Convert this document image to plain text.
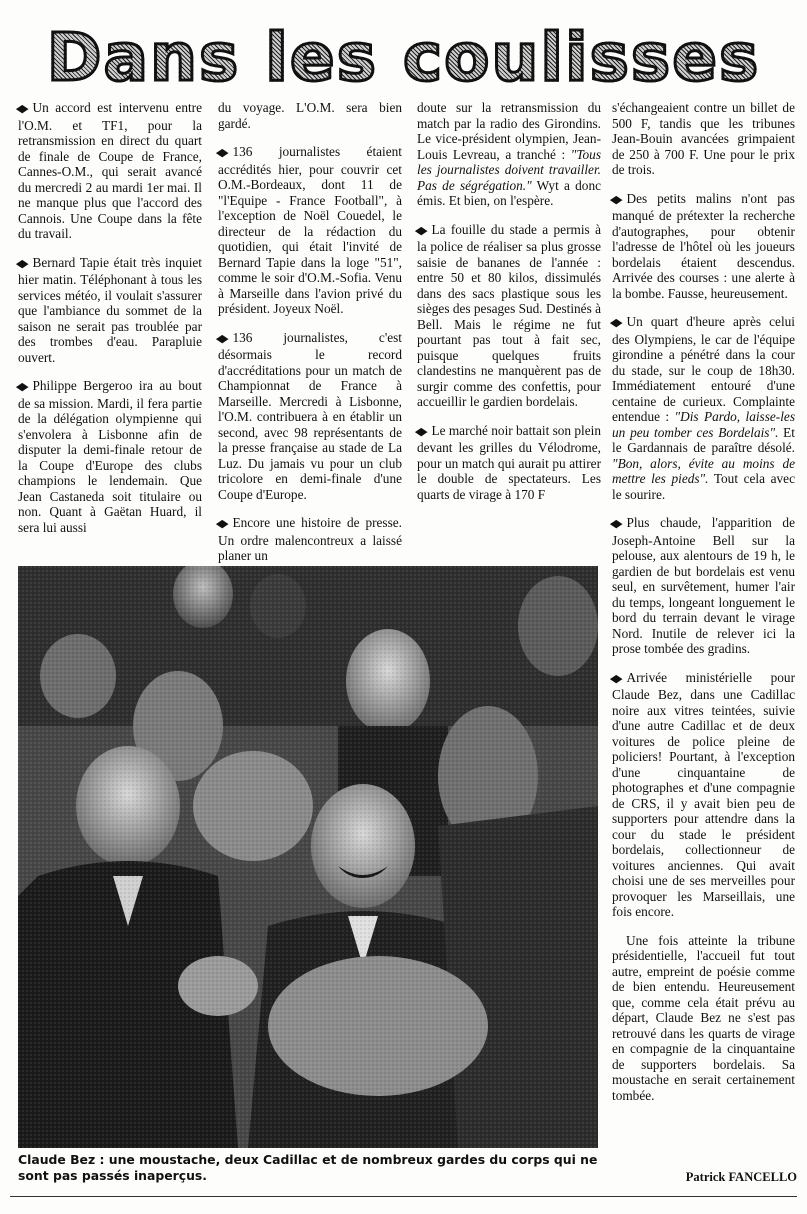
Dans les coulisses

◆ Un accord est intervenu entre l'O.M. et TF1, pour la retransmission en direct du quart de finale de Coupe de France, Cannes-O.M., qui serait avancé du mercredi 2 au mardi 1er mai. Il ne manque plus que l'accord des Cannois. Une Coupe dans la fête du travail.

◆ Bernard Tapie était très inquiet hier matin. Téléphonant à tous les services météo, il voulait s'assurer que l'ambiance du sommet de la saison ne serait pas troublée par des trombes d'eau. Parapluie ouvert.

◆ Philippe Bergeroo ira au bout de sa mission. Mardi, il fera partie de la délégation olympienne qui s'envolera à Lisbonne afin de disputer la demi-finale retour de la Coupe d'Europe des clubs champions le lendemain. Que Jean Castaneda soit titulaire ou non. Quant à Gaëtan Huard, il sera lui aussi

du voyage. L'O.M. sera bien gardé.

◆ 136 journalistes étaient accrédités hier, pour couvrir cet O.M.-Bordeaux, dont 11 de "l'Equipe - France Football", à l'exception de Noël Couedel, le directeur de la rédaction du quotidien, qui était l'invité de Bernard Tapie dans la loge "51", comme le soir d'O.M.-Sofia. Venu à Marseille dans l'avion privé du président. Joyeux Noël.

◆ 136 journalistes, c'est désormais le record d'accréditations pour un match de Championnat de France à Marseille. Mercredi à Lisbonne, l'O.M. contribuera à en établir un second, avec 98 représentants de la presse française au stade de La Luz. Du jamais vu pour un club tricolore en demi-finale d'une Coupe d'Europe.

◆ Encore une histoire de presse. Un ordre malencontreux a laissé planer un

doute sur la retransmission du match par la radio des Girondins. Le vice-président olympien, Jean-Louis Levreau, a tranché : "Tous les journalistes doivent travailler. Pas de ségrégation." Wyt a donc émis. Et bien, on l'espère.

◆ La fouille du stade a permis à la police de réaliser sa plus grosse saisie de bananes de l'année : entre 50 et 80 kilos, dissimulés dans des sacs plastique sous les sièges des pesages Sud. Destinés à Bell. Mais le régime ne fut pourtant pas tout à fait sec, puisque quelques fruits clandestins ne manquèrent pas de surgir comme des confettis, pour accueillir le gardien bordelais.

◆ Le marché noir battait son plein devant les grilles du Vélodrome, pour un match qui aurait pu attirer le double de spectateurs. Les quarts de virage à 170 F

s'échangeaient contre un billet de 500 F, tandis que les tribunes Jean-Bouin avancées grimpaient de 250 à 700 F. Une pour le prix de trois.

◆ Des petits malins n'ont pas manqué de prétexter la recherche d'autographes, pour obtenir l'adresse de l'hôtel où les joueurs bordelais étaient descendus. Arrivée des courses : une alerte à la bombe. Fausse, heureusement.

◆ Un quart d'heure après celui des Olympiens, le car de l'équipe girondine a pénétré dans la cour du stade, sur le coup de 18h30. Immédiatement entouré d'une centaine de curieux. Complainte entendue : "Dis Pardo, laisse-les un peu tomber ces Bordelais". Et le Gardannais de paraître désolé. "Bon, alors, évite au moins de mettre les pieds". Tout cela avec le sourire.

◆ Plus chaude, l'apparition de Joseph-Antoine Bell sur la pelouse, aux alentours de 19 h, le gardien de but bordelais est venu seul, en survêtement, humer l'air du temps, longeant longuement le bord du terrain devant le virage Nord. Inutile de relever ici la prose tombée des gradins.

◆ Arrivée ministérielle pour Claude Bez, dans une Cadillac noire aux vitres teintées, suivie d'une autre Cadillac et de deux voitures de police pleine de policiers! Pourtant, à l'exception d'une cinquantaine de photographes et d'une compagnie de CRS, il y avait bien peu de supporters pour attendre dans la cour du stade le président bordelais, collectionneur de voitures anciennes. Qui avait choisi une de ses merveilles pour provoquer les Marseillais, une fois encore.

Une fois atteinte la tribune présidentielle, l'accueil fut tout autre, empreint de poésie comme de bien entendu. Heureusement que, comme cela était prévu au départ, Claude Bez ne s'est pas retrouvé dans les quarts de virage en compagnie de la cinquantaine de supporters bordelais. Sa moustache en serait certainement tombée.

Claude Bez : une moustache, deux Cadillac et de nombreux gardes du corps qui ne sont pas passés inaperçus.	Patrick FANCELLO
